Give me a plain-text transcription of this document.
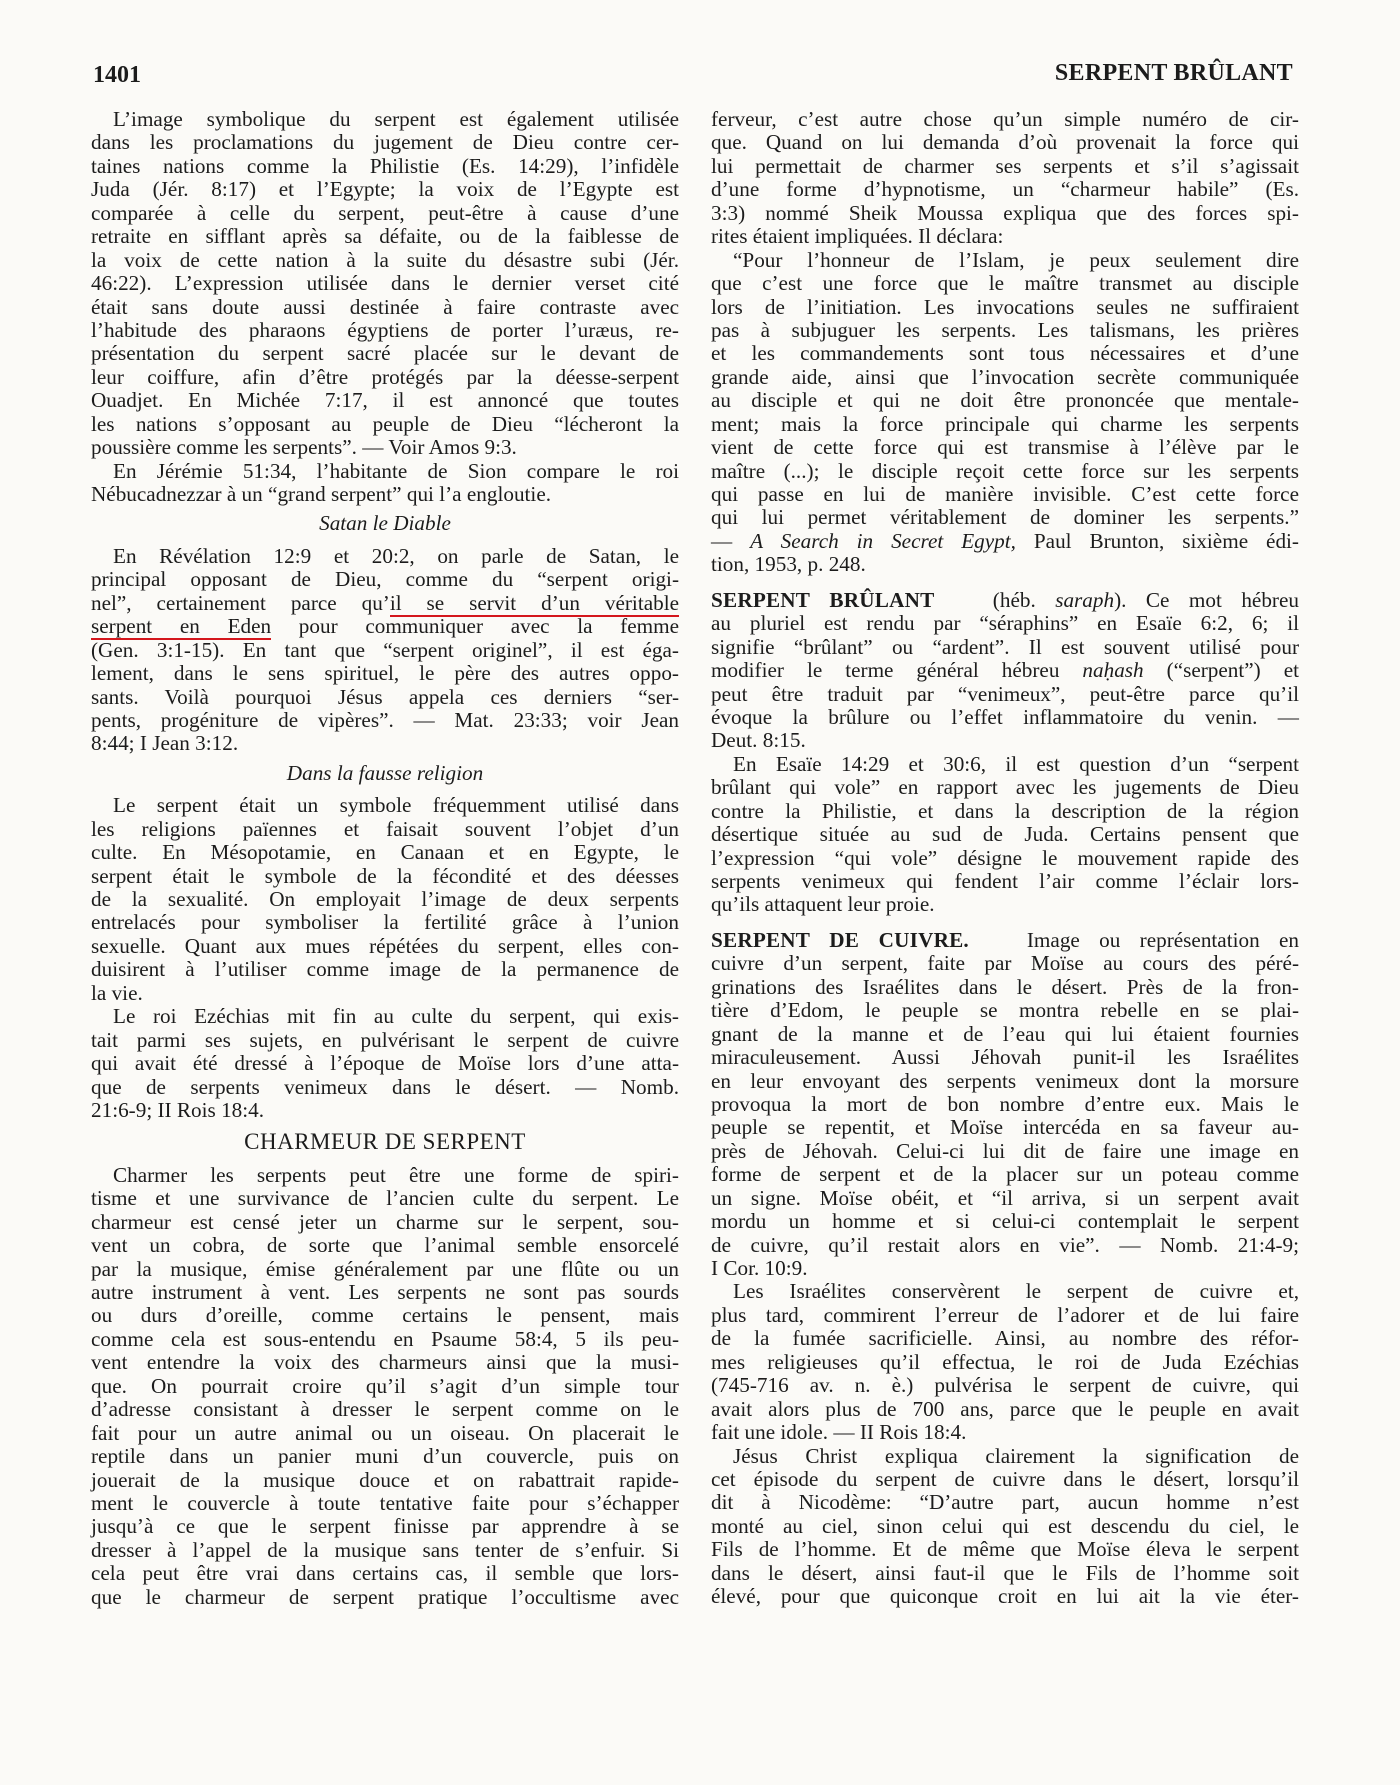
1401	SERPENT BRÛLANT
L’image symbolique du serpent est également utilisée
dans les proclamations du jugement de Dieu contre cer-
taines nations comme la Philistie (Es. 14:29), l’infidèle
Juda (Jér. 8:17) et l’Egypte; la voix de l’Egypte est
comparée à celle du serpent, peut-être à cause d’une
retraite en sifflant après sa défaite, ou de la faiblesse de
la voix de cette nation à la suite du désastre subi (Jér.
46:22). L’expression utilisée dans le dernier verset cité
était sans doute aussi destinée à faire contraste avec
l’habitude des pharaons égyptiens de porter l’uræus, re-
présentation du serpent sacré placée sur le devant de
leur coiffure, afin d’être protégés par la déesse-serpent
Ouadjet. En Michée 7:17, il est annoncé que toutes
les nations s’opposant au peuple de Dieu “lécheront la
poussière comme les serpents”. — Voir Amos 9:3.
En Jérémie 51:34, l’habitante de Sion compare le roi
Nébucadnezzar à un “grand serpent” qui l’a engloutie.
Satan le Diable
En Révélation 12:9 et 20:2, on parle de Satan, le
principal opposant de Dieu, comme du “serpent origi-
nel”, certainement parce qu’il se servit d’un véritable
serpent en Eden pour communiquer avec la femme
(Gen. 3:1-15). En tant que “serpent originel”, il est éga-
lement, dans le sens spirituel, le père des autres oppo-
sants. Voilà pourquoi Jésus appela ces derniers “ser-
pents, progéniture de vipères”. — Mat. 23:33; voir Jean
8:44; I Jean 3:12.
Dans la fausse religion
Le serpent était un symbole fréquemment utilisé dans
les religions païennes et faisait souvent l’objet d’un
culte. En Mésopotamie, en Canaan et en Egypte, le
serpent était le symbole de la fécondité et des déesses
de la sexualité. On employait l’image de deux serpents
entrelacés pour symboliser la fertilité grâce à l’union
sexuelle. Quant aux mues répétées du serpent, elles con-
duisirent à l’utiliser comme image de la permanence de
la vie.
Le roi Ezéchias mit fin au culte du serpent, qui exis-
tait parmi ses sujets, en pulvérisant le serpent de cuivre
qui avait été dressé à l’époque de Moïse lors d’une atta-
que de serpents venimeux dans le désert. — Nomb.
21:6-9; II Rois 18:4.
CHARMEUR DE SERPENT
Charmer les serpents peut être une forme de spiri-
tisme et une survivance de l’ancien culte du serpent. Le
charmeur est censé jeter un charme sur le serpent, sou-
vent un cobra, de sorte que l’animal semble ensorcelé
par la musique, émise généralement par une flûte ou un
autre instrument à vent. Les serpents ne sont pas sourds
ou durs d’oreille, comme certains le pensent, mais
comme cela est sous-entendu en Psaume 58:4, 5 ils peu-
vent entendre la voix des charmeurs ainsi que la musi-
que. On pourrait croire qu’il s’agit d’un simple tour
d’adresse consistant à dresser le serpent comme on le
fait pour un autre animal ou un oiseau. On placerait le
reptile dans un panier muni d’un couvercle, puis on
jouerait de la musique douce et on rabattrait rapide-
ment le couvercle à toute tentative faite pour s’échapper
jusqu’à ce que le serpent finisse par apprendre à se
dresser à l’appel de la musique sans tenter de s’enfuir. Si
cela peut être vrai dans certains cas, il semble que lors-
que le charmeur de serpent pratique l’occultisme avec
ferveur, c’est autre chose qu’un simple numéro de cir-
que. Quand on lui demanda d’où provenait la force qui
lui permettait de charmer ses serpents et s’il s’agissait
d’une forme d’hypnotisme, un “charmeur habile” (Es.
3:3) nommé Sheik Moussa expliqua que des forces spi-
rites étaient impliquées. Il déclara:
“Pour l’honneur de l’Islam, je peux seulement dire
que c’est une force que le maître transmet au disciple
lors de l’initiation. Les invocations seules ne suffiraient
pas à subjuguer les serpents. Les talismans, les prières
et les commandements sont tous nécessaires et d’une
grande aide, ainsi que l’invocation secrète communiquée
au disciple et qui ne doit être prononcée que mentale-
ment; mais la force principale qui charme les serpents
vient de cette force qui est transmise à l’élève par le
maître (...); le disciple reçoit cette force sur les serpents
qui passe en lui de manière invisible. C’est cette force
qui lui permet véritablement de dominer les serpents.”
— A Search in Secret Egypt, Paul Brunton, sixième édi-
tion, 1953, p. 248.
SERPENT BRÛLANT   (héb. saraph). Ce mot hébreu
au pluriel est rendu par “séraphins” en Esaïe 6:2, 6; il
signifie “brûlant” ou “ardent”. Il est souvent utilisé pour
modifier le terme général hébreu naḥash (“serpent”) et
peut être traduit par “venimeux”, peut-être parce qu’il
évoque la brûlure ou l’effet inflammatoire du venin. —
Deut. 8:15.
En Esaïe 14:29 et 30:6, il est question d’un “serpent
brûlant qui vole” en rapport avec les jugements de Dieu
contre la Philistie, et dans la description de la région
désertique située au sud de Juda. Certains pensent que
l’expression “qui vole” désigne le mouvement rapide des
serpents venimeux qui fendent l’air comme l’éclair lors-
qu’ils attaquent leur proie.
SERPENT DE CUIVRE.   Image ou représentation en
cuivre d’un serpent, faite par Moïse au cours des péré-
grinations des Israélites dans le désert. Près de la fron-
tière d’Edom, le peuple se montra rebelle en se plai-
gnant de la manne et de l’eau qui lui étaient fournies
miraculeusement. Aussi Jéhovah punit-il les Israélites
en leur envoyant des serpents venimeux dont la morsure
provoqua la mort de bon nombre d’entre eux. Mais le
peuple se repentit, et Moïse intercéda en sa faveur au-
près de Jéhovah. Celui-ci lui dit de faire une image en
forme de serpent et de la placer sur un poteau comme
un signe. Moïse obéit, et “il arriva, si un serpent avait
mordu un homme et si celui-ci contemplait le serpent
de cuivre, qu’il restait alors en vie”. — Nomb. 21:4-9;
I Cor. 10:9.
Les Israélites conservèrent le serpent de cuivre et,
plus tard, commirent l’erreur de l’adorer et de lui faire
de la fumée sacrificielle. Ainsi, au nombre des réfor-
mes religieuses qu’il effectua, le roi de Juda Ezéchias
(745-716 av. n. è.) pulvérisa le serpent de cuivre, qui
avait alors plus de 700 ans, parce que le peuple en avait
fait une idole. — II Rois 18:4.
Jésus Christ expliqua clairement la signification de
cet épisode du serpent de cuivre dans le désert, lorsqu’il
dit à Nicodème: “D’autre part, aucun homme n’est
monté au ciel, sinon celui qui est descendu du ciel, le
Fils de l’homme. Et de même que Moïse éleva le serpent
dans le désert, ainsi faut-il que le Fils de l’homme soit
élevé, pour que quiconque croit en lui ait la vie éter-
